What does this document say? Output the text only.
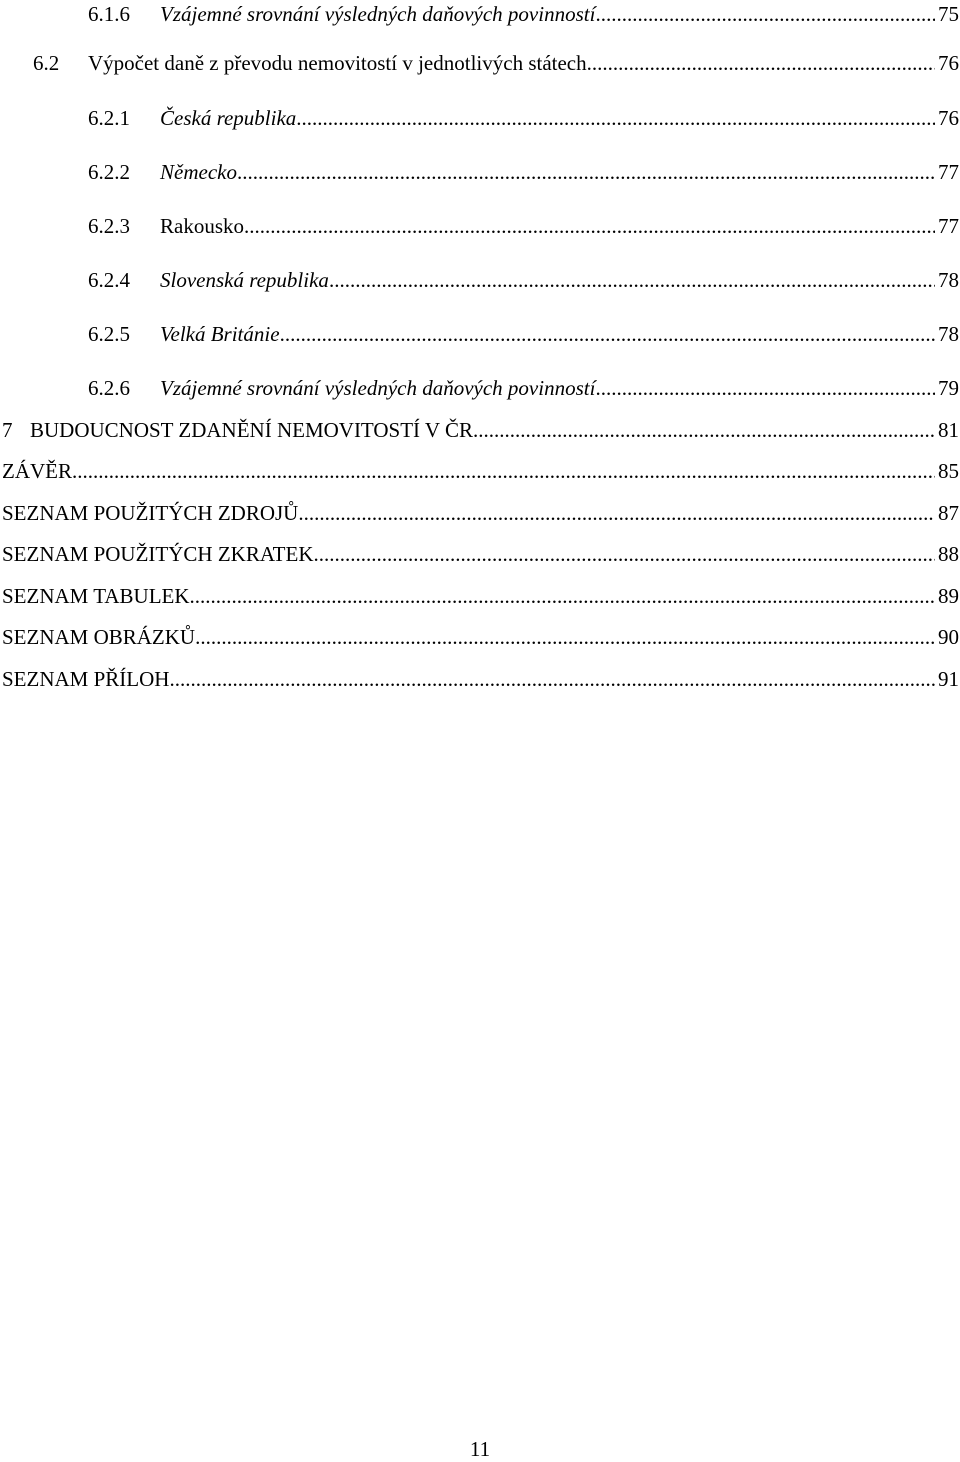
6.1.6	Vzájemné srovnání výsledných daňových povinností .....	75
6.2	Výpočet daně z převodu nemovitostí v jednotlivých státech .....	76
6.2.1	Česká republika .....	76
6.2.2	Německo .....	77
6.2.3	Rakousko .....	77
6.2.4	Slovenská republika .....	78
6.2.5	Velká Británie .....	78
6.2.6	Vzájemné srovnání výsledných daňových povinností .....	79
7 BUDOUCNOST ZDANĚNÍ NEMOVITOSTÍ V ČR .....	81
ZÁVĚR .....	85
SEZNAM POUŽITÝCH ZDROJŮ .....	87
SEZNAM POUŽITÝCH ZKRATEK .....	88
SEZNAM TABULEK .....	89
SEZNAM OBRÁZKŮ .....	90
SEZNAM PŘÍLOH .....	91
11
